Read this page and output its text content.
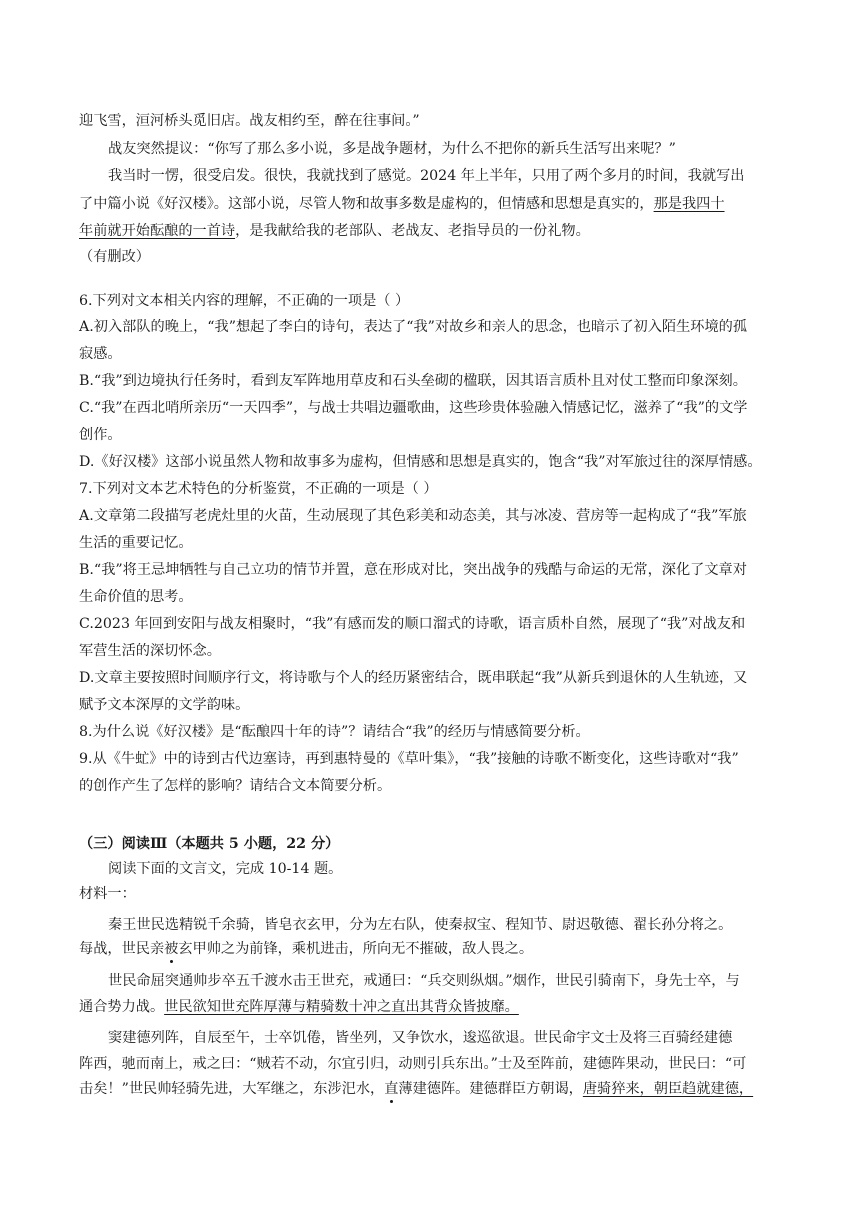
迎飞雪，洹河桥头觅旧店。战友相约至，醉在往事间。”
战友突然提议：“你写了那么多小说，多是战争题材，为什么不把你的新兵生活写出来呢？”
我当时一愣，很受启发。很快，我就找到了感觉。2024 年上半年，只用了两个多月的时间，我就写出
了中篇小说《好汉楼》。这部小说，尽管人物和故事多数是虚构的，但情感和思想是真实的，那是我四十
年前就开始酝酿的一首诗，是我献给我的老部队、老战友、老指导员的一份礼物。
（有删改）
6.下列对文本相关内容的理解，不正确的一项是（ ）
A.初入部队的晚上，“我”想起了李白的诗句，表达了“我”对故乡和亲人的思念，也暗示了初入陌生环境的孤
寂感。
B.“我”到边境执行任务时，看到友军阵地用草皮和石头垒砌的楹联，因其语言质朴且对仗工整而印象深刻。
C.“我”在西北哨所亲历“一天四季”，与战士共唱边疆歌曲，这些珍贵体验融入情感记忆，滋养了“我”的文学
创作。
D.《好汉楼》这部小说虽然人物和故事多为虚构，但情感和思想是真实的，饱含“我”对军旅过往的深厚情感。
7.下列对文本艺术特色的分析鉴赏，不正确的一项是（ ）
A.文章第二段描写老虎灶里的火苗，生动展现了其色彩美和动态美，其与冰凌、营房等一起构成了“我”军旅
生活的重要记忆。
B.“我”将王忌坤牺牲与自己立功的情节并置，意在形成对比，突出战争的残酷与命运的无常，深化了文章对
生命价值的思考。
C.2023 年回到安阳与战友相聚时，“我”有感而发的顺口溜式的诗歌，语言质朴自然，展现了“我”对战友和
军营生活的深切怀念。
D.文章主要按照时间顺序行文，将诗歌与个人的经历紧密结合，既串联起“我”从新兵到退休的人生轨迹，又
赋予文本深厚的文学韵味。
8.为什么说《好汉楼》是“酝酿四十年的诗”？请结合“我”的经历与情感简要分析。
9.从《牛虻》中的诗到古代边塞诗，再到惠特曼的《草叶集》，“我”接触的诗歌不断变化，这些诗歌对“我”
的创作产生了怎样的影响？请结合文本简要分析。
（三）阅读Ⅲ（本题共 5 小题，22 分）
阅读下面的文言文，完成 10-14 题。
材料一：
秦王世民选精锐千余骑，皆皂衣玄甲，分为左右队，使秦叔宝、程知节、尉迟敬德、翟长孙分将之。
每战，世民亲被玄甲帅之为前锋，乘机进击，所向无不摧破，敌人畏之。
世民命屈突通帅步卒五千渡水击王世充，戒通曰：“兵交则纵烟。”烟作，世民引骑南下，身先士卒，与
通合势力战。世民欲知世充阵厚薄与精骑数十冲之直出其背众皆披靡。
窦建德列阵，自辰至午，士卒饥倦，皆坐列，又争饮水，逡巡欲退。世民命宇文士及将三百骑经建德
阵西，驰而南上，戒之曰：“贼若不动，尔宜引归，动则引兵东出。”士及至阵前，建德阵果动，世民曰：“可
击矣！”世民帅轻骑先进，大军继之，东涉汜水，直薄建德阵。建德群臣方朝谒，唐骑猝来，朝臣趋就建德，
